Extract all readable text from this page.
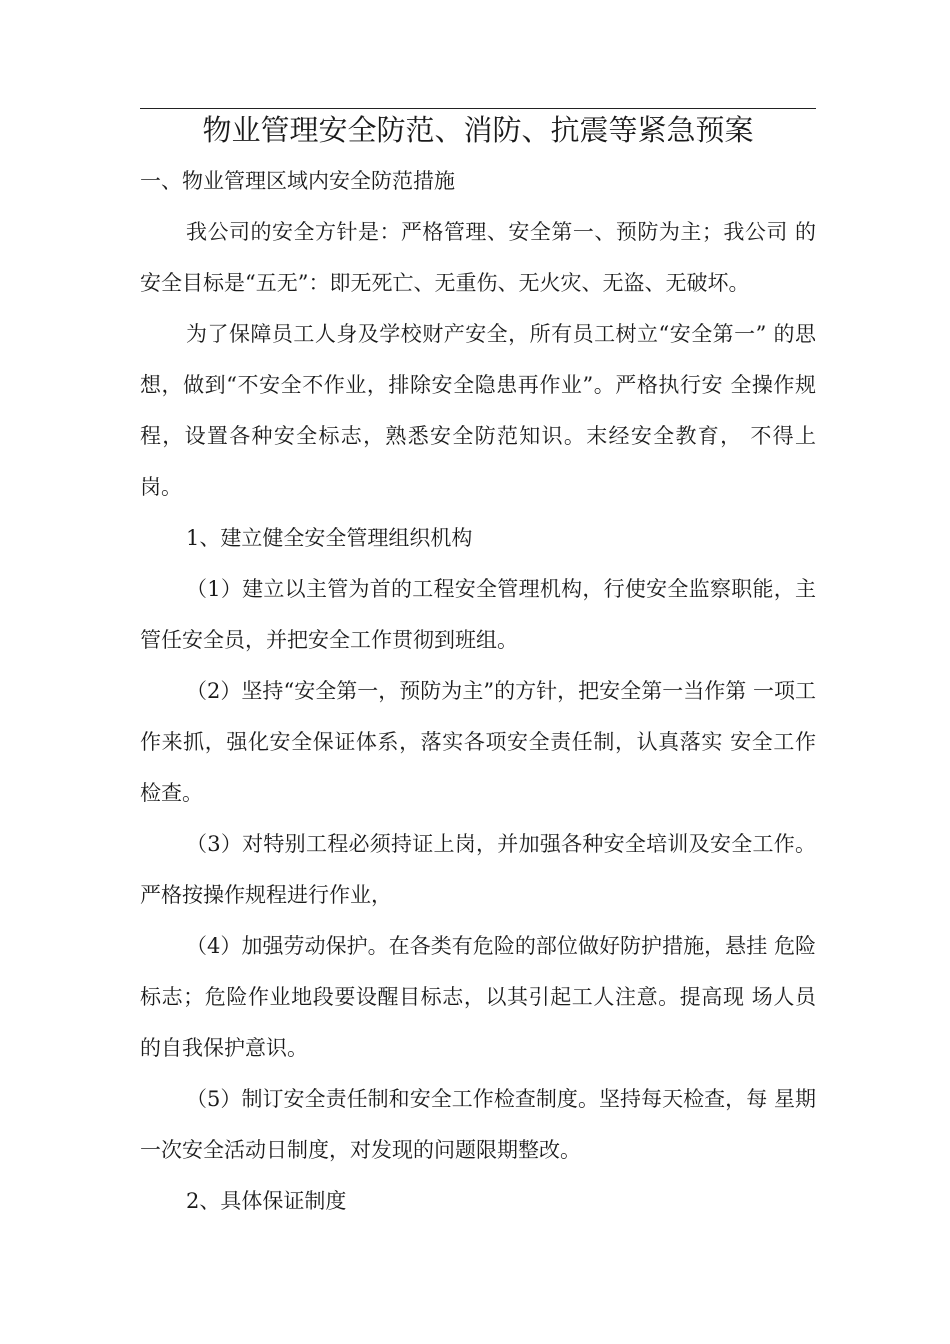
物业管理安全防范、消防、抗震等紧急预案

一、物业管理区域内安全防范措施

我公司的安全方针是：严格管理、安全第一、预防为主；我公司 的安全目标是“五无”：即无死亡、无重伤、无火灾、无盗、无破坏。

为了保障员工人身及学校财产安全，所有员工树立“安全第一” 的思想，做到“不安全不作业，排除安全隐患再作业”。严格执行安 全操作规程，设置各种安全标志，熟悉安全防范知识。末经安全教育， 不得上岗。

1、建立健全安全管理组织机构

（1）建立以主管为首的工程安全管理机构，行使安全监察职能，主管任安全员，并把安全工作贯彻到班组。

（2）坚持“安全第一，预防为主”的方针，把安全第一当作第 一项工作来抓，强化安全保证体系，落实各项安全责任制，认真落实 安全工作检查。

（3）对特别工程必须持证上岗，并加强各种安全培训及安全工作。严格按操作规程进行作业，

（4）加强劳动保护。在各类有危险的部位做好防护措施，悬挂 危险标志；危险作业地段要设醒目标志，以其引起工人注意。提高现 场人员的自我保护意识。

（5）制订安全责任制和安全工作检查制度。坚持每天检查，每 星期一次安全活动日制度，对发现的问题限期整改。

2、具体保证制度
